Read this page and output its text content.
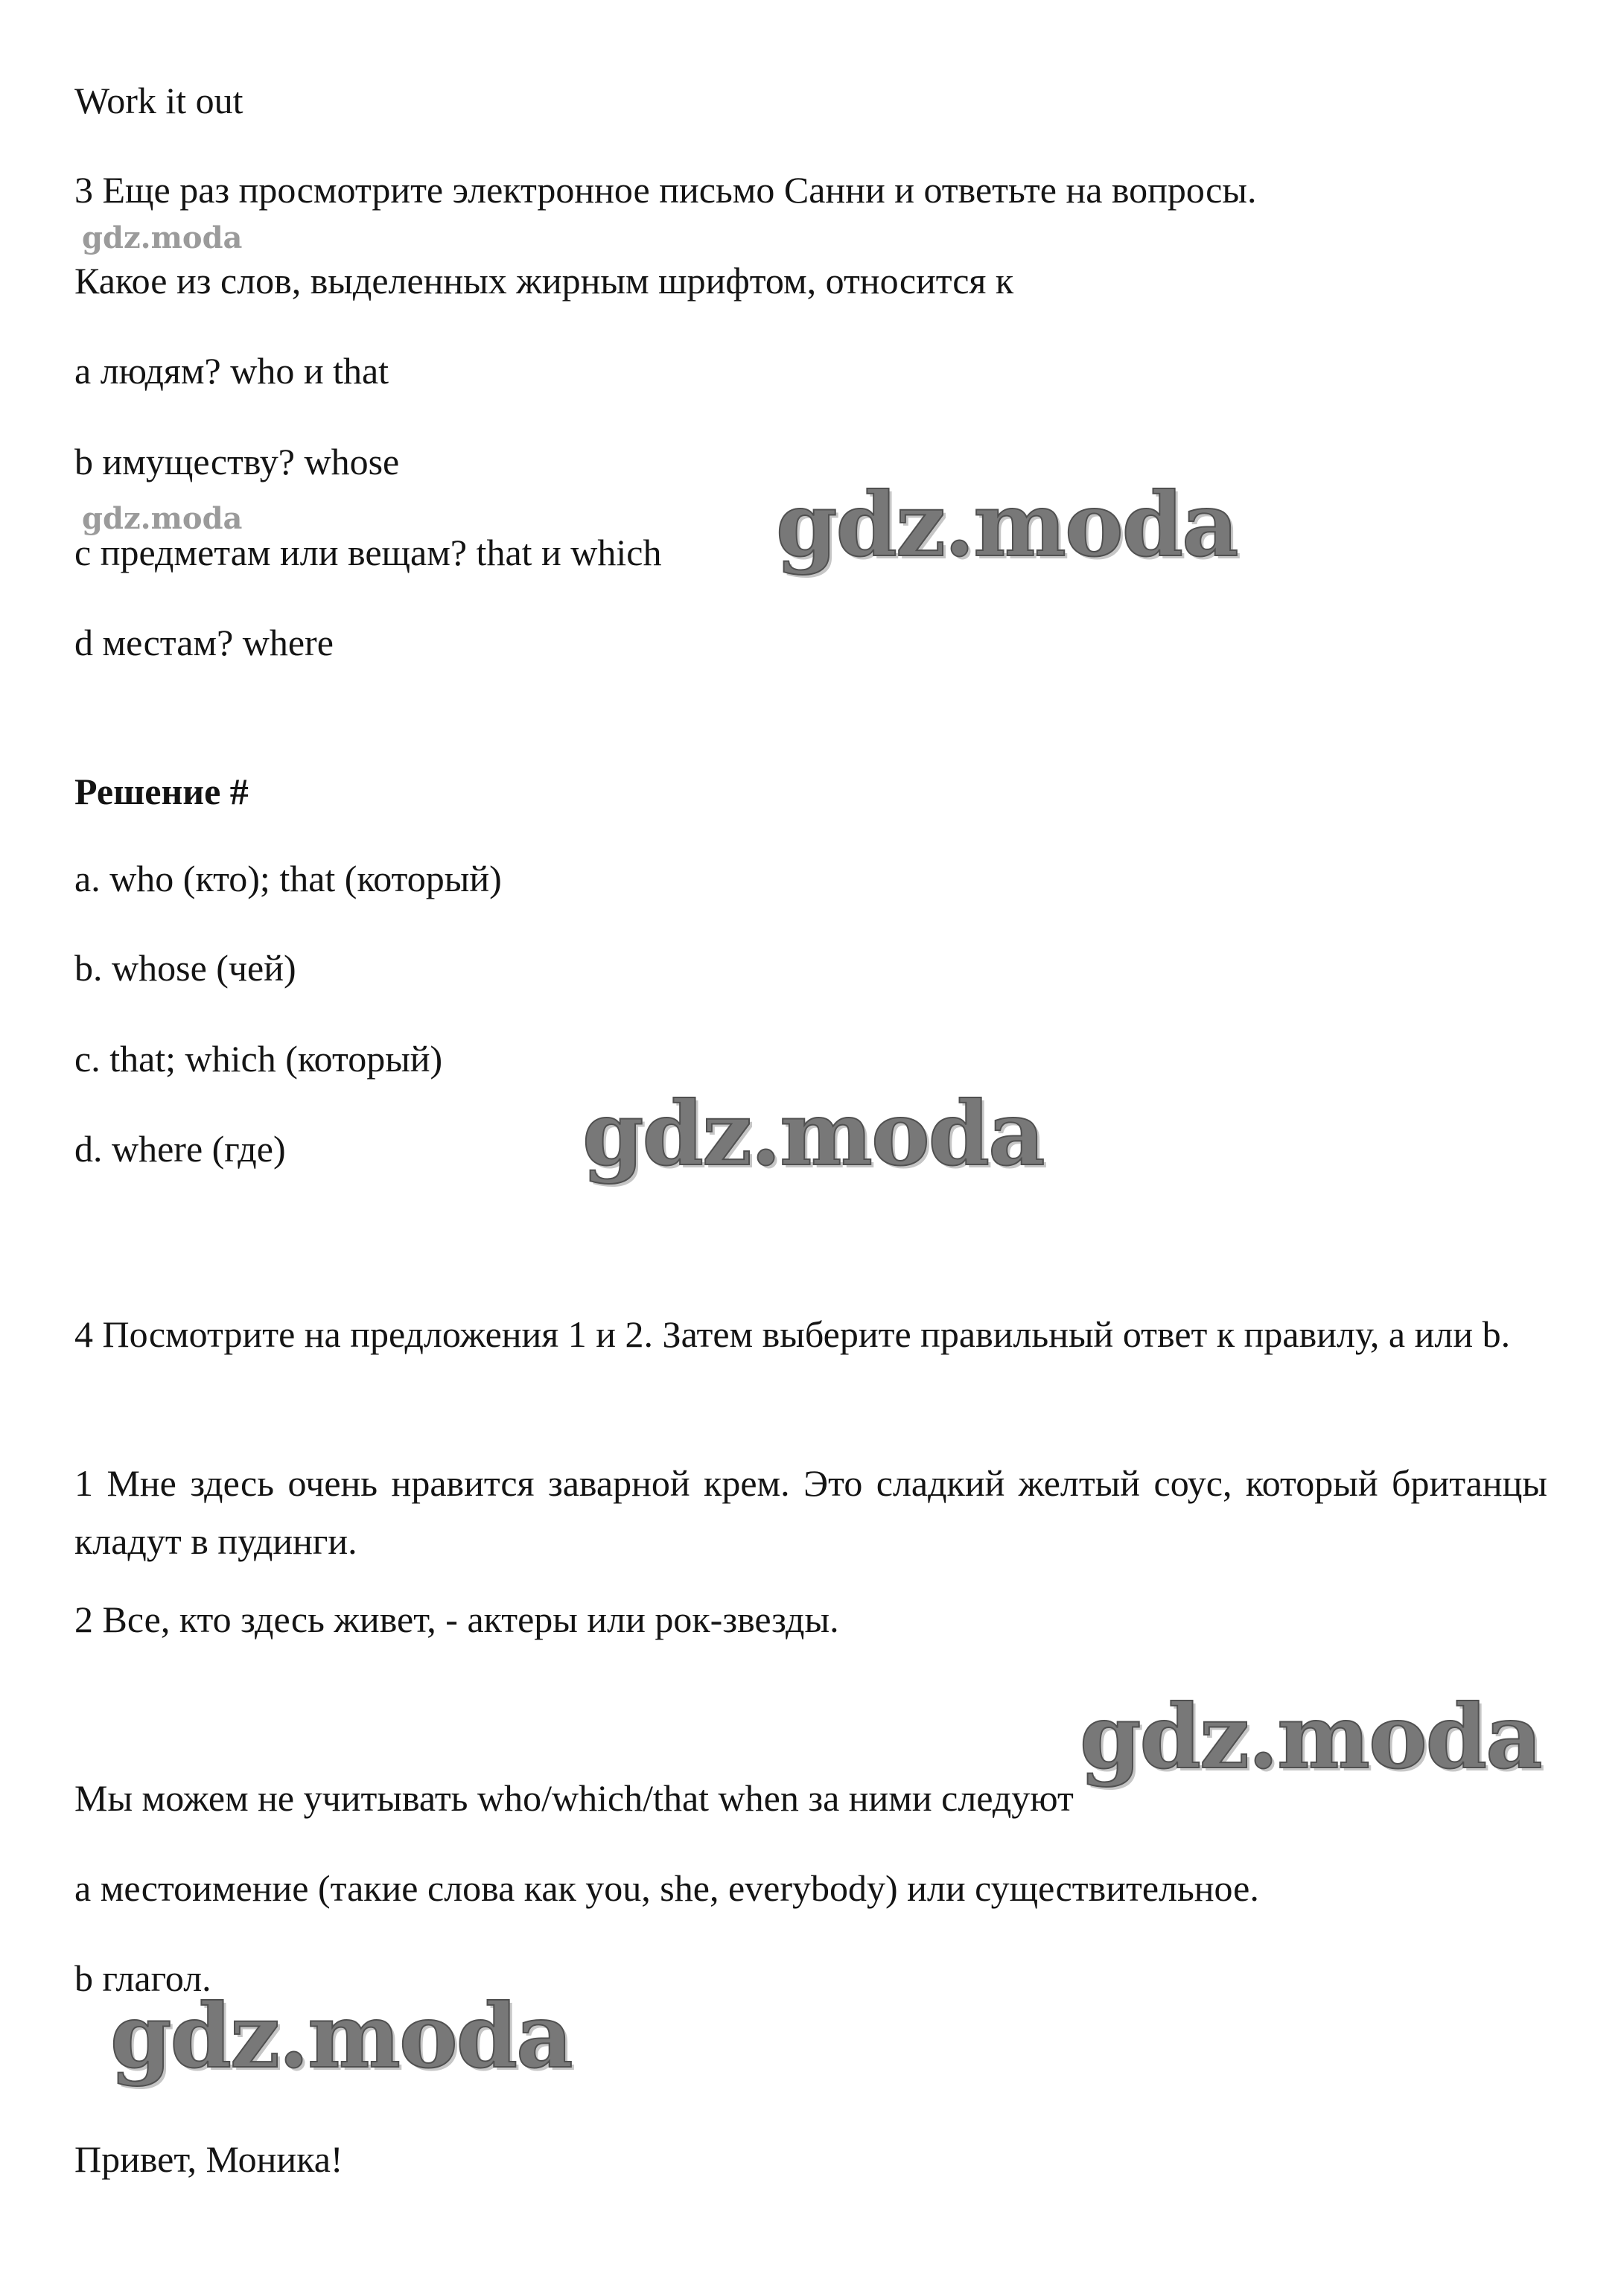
Work it out
3 Еще раз просмотрите электронное письмо Санни и ответьте на вопросы.
gdz.moda
Какое из слов, выделенных жирным шрифтом, относится к
a людям? who и that
b имуществу? whose
gdz.moda
c предметам или вещам? that и which gdz.moda
d местам? where
Решение #
a. who (кто); that (который)
b. whose (чей)
c. that; which (который)
d. where (где)	gdz.moda
4 Посмотрите на предложения 1 и 2. Затем выберите правильный ответ к правилу, a или b.
1 Мне здесь очень нравится заварной крем. Это сладкий желтый соус, который британцы кладут в пудинги.
2 Все, кто здесь живет, - актеры или рок-звезды.
gdz.moda
Мы можем не учитывать who/which/that when за ними следуют
a местоимение (такие слова как you, she, everybody) или существительное.
b глагол.
gdz.moda
Привет, Моника!
